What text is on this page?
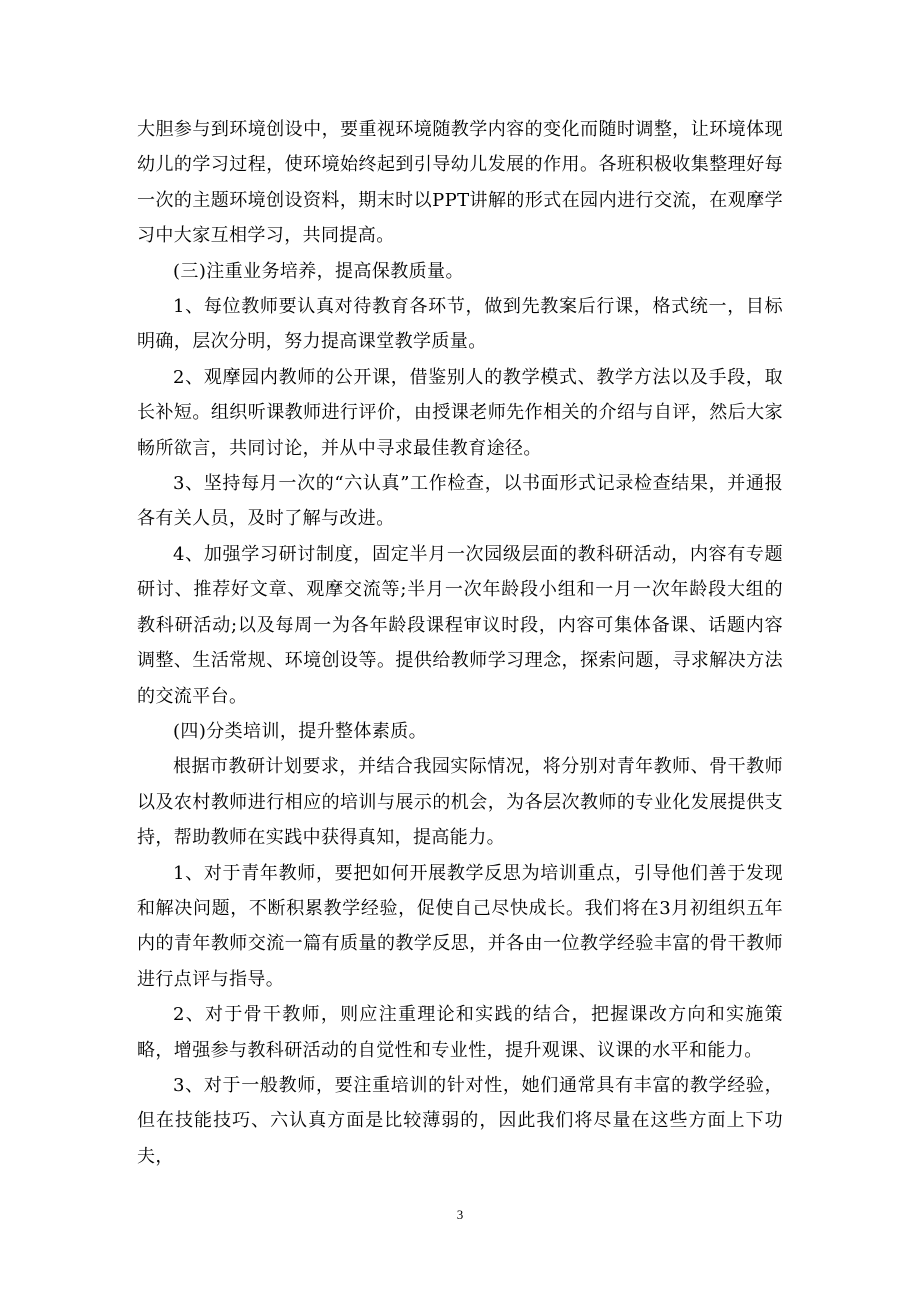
大胆参与到环境创设中，要重视环境随教学内容的变化而随时调整，让环境体现幼儿的学习过程，使环境始终起到引导幼儿发展的作用。各班积极收集整理好每一次的主题环境创设资料，期末时以PPT讲解的形式在园内进行交流，在观摩学习中大家互相学习，共同提高。

(三)注重业务培养，提高保教质量。

1、每位教师要认真对待教育各环节，做到先教案后行课，格式统一，目标明确，层次分明，努力提高课堂教学质量。

2、观摩园内教师的公开课，借鉴别人的教学模式、教学方法以及手段，取长补短。组织听课教师进行评价，由授课老师先作相关的介绍与自评，然后大家畅所欲言，共同讨论，并从中寻求最佳教育途径。

3、坚持每月一次的“六认真”工作检查，以书面形式记录检查结果，并通报各有关人员，及时了解与改进。

4、加强学习研讨制度，固定半月一次园级层面的教科研活动，内容有专题研讨、推荐好文章、观摩交流等;半月一次年龄段小组和一月一次年龄段大组的教科研活动;以及每周一为各年龄段课程审议时段，内容可集体备课、话题内容调整、生活常规、环境创设等。提供给教师学习理念，探索问题，寻求解决方法的交流平台。

(四)分类培训，提升整体素质。

根据市教研计划要求，并结合我园实际情况，将分别对青年教师、骨干教师以及农村教师进行相应的培训与展示的机会，为各层次教师的专业化发展提供支持，帮助教师在实践中获得真知，提高能力。

1、对于青年教师，要把如何开展教学反思为培训重点，引导他们善于发现和解决问题，不断积累教学经验，促使自己尽快成长。我们将在3月初组织五年内的青年教师交流一篇有质量的教学反思，并各由一位教学经验丰富的骨干教师进行点评与指导。

2、对于骨干教师，则应注重理论和实践的结合，把握课改方向和实施策略，增强参与教科研活动的自觉性和专业性，提升观课、议课的水平和能力。

3、对于一般教师，要注重培训的针对性，她们通常具有丰富的教学经验，但在技能技巧、六认真方面是比较薄弱的，因此我们将尽量在这些方面上下功夫，

3
